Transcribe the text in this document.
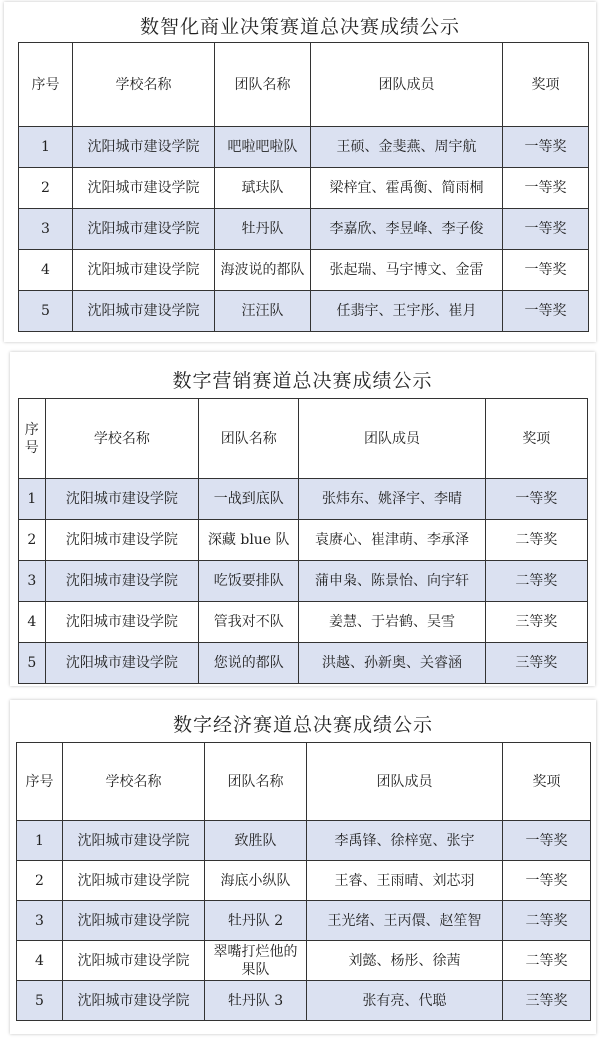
数智化商业决策赛道总决赛成绩公示
序号	学校名称	团队名称	团队成员	奖项
1	沈阳城市建设学院	吧啦吧啦队	王硕、金斐燕、周宇航	一等奖
2	沈阳城市建设学院	珷玞队	梁梓宜、霍禹衡、简雨桐	一等奖
3	沈阳城市建设学院	牡丹队	李嘉欣、李昱峰、李子俊	一等奖
4	沈阳城市建设学院	海波说的都队	张起瑞、马宇博文、金雷	一等奖
5	沈阳城市建设学院	汪汪队	任翡宇、王宇彤、崔月	一等奖
数字营销赛道总决赛成绩公示
序号	学校名称	团队名称	团队成员	奖项
1	沈阳城市建设学院	一战到底队	张炜东、姚泽宇、李晴	一等奖
2	沈阳城市建设学院	深藏 blue 队	袁赓心、崔津萌、李承泽	二等奖
3	沈阳城市建设学院	吃饭要排队	蒲申枭、陈景怡、向宇轩	二等奖
4	沈阳城市建设学院	管我对不队	姜慧、于岩鹤、吴雪	三等奖
5	沈阳城市建设学院	您说的都队	洪越、孙新奥、关睿涵	三等奖
数字经济赛道总决赛成绩公示
序号	学校名称	团队名称	团队成员	奖项
1	沈阳城市建设学院	致胜队	李禹锋、徐梓宽、张宇	一等奖
2	沈阳城市建设学院	海底小纵队	王睿、王雨晴、刘芯羽	一等奖
3	沈阳城市建设学院	牡丹队 2	王光绪、王丙儇、赵笙智	二等奖
4	沈阳城市建设学院	翠嘴打烂他的果队	刘懿、杨彤、徐茜	二等奖
5	沈阳城市建设学院	牡丹队 3	张有亮、代聪	三等奖
